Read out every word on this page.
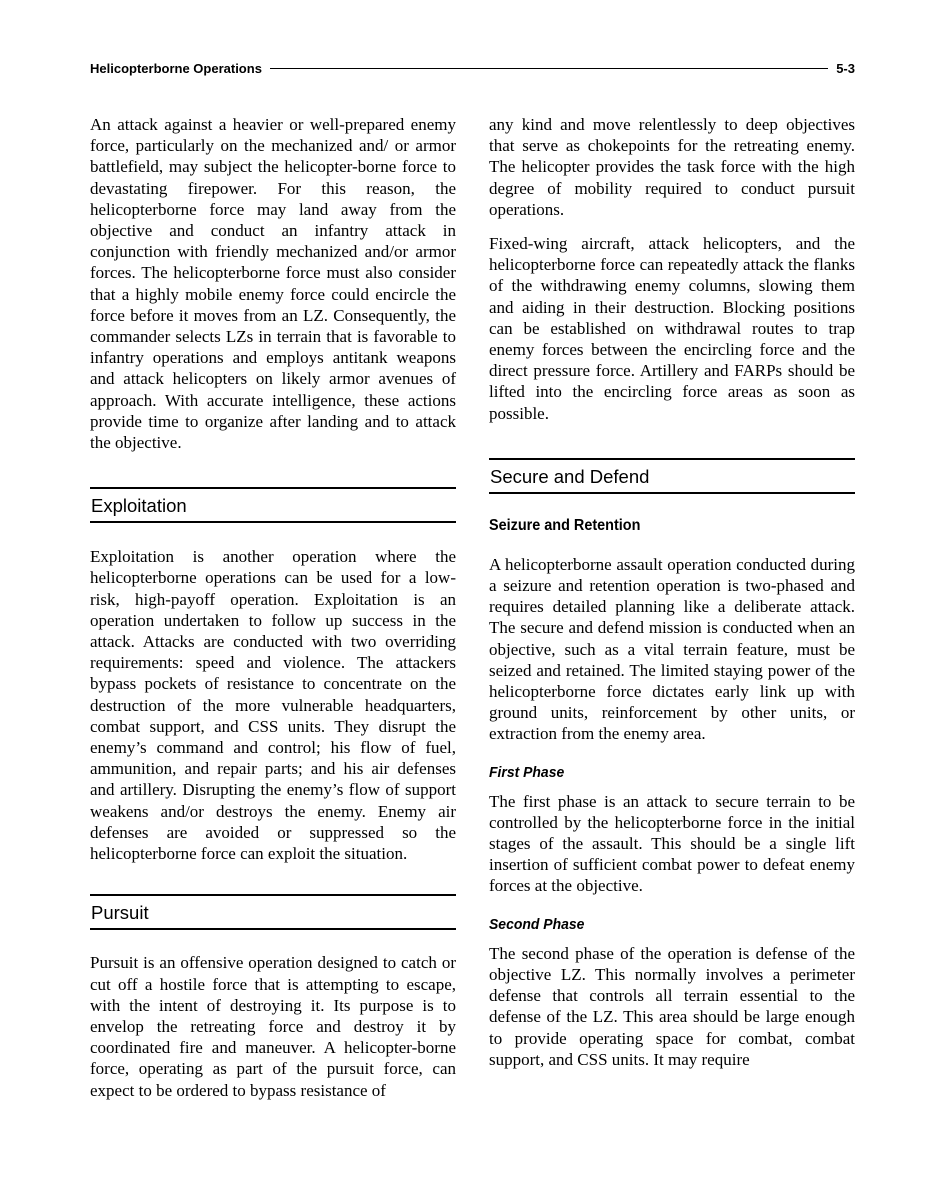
Helicopterborne Operations	5-3

An attack against a heavier or well-prepared enemy force, particularly on the mechanized and/ or armor battlefield, may subject the helicopter-borne force to devastating firepower. For this reason, the helicopterborne force may land away from the objective and conduct an infantry attack in conjunction with friendly mechanized and/or armor forces. The helicopterborne force must also consider that a highly mobile enemy force could encircle the force before it moves from an LZ. Consequently, the commander selects LZs in terrain that is favorable to infantry operations and employs antitank weapons and attack helicopters on likely armor avenues of approach. With accurate intelligence, these actions provide time to organize after landing and to attack the objective.

Exploitation

Exploitation is another operation where the helicopterborne operations can be used for a low-risk, high-payoff operation. Exploitation is an operation undertaken to follow up success in the attack. Attacks are conducted with two overriding requirements: speed and violence. The attackers bypass pockets of resistance to concentrate on the destruction of the more vulnerable headquarters, combat support, and CSS units. They disrupt the enemy’s command and control; his flow of fuel, ammunition, and repair parts; and his air defenses and artillery. Disrupting the enemy’s flow of support weakens and/or destroys the enemy. Enemy air defenses are avoided or suppressed so the helicopterborne force can exploit the situation.

Pursuit

Pursuit is an offensive operation designed to catch or cut off a hostile force that is attempting to escape, with the intent of destroying it. Its purpose is to envelop the retreating force and destroy it by coordinated fire and maneuver. A helicopter-borne force, operating as part of the pursuit force, can expect to be ordered to bypass resistance of

any kind and move relentlessly to deep objectives that serve as chokepoints for the retreating enemy. The helicopter provides the task force with the high degree of mobility required to conduct pursuit operations.

Fixed-wing aircraft, attack helicopters, and the helicopterborne force can repeatedly attack the flanks of the withdrawing enemy columns, slowing them and aiding in their destruction. Blocking positions can be established on withdrawal routes to trap enemy forces between the encircling force and the direct pressure force. Artillery and FARPs should be lifted into the encircling force areas as soon as possible.

Secure and Defend
Seizure and Retention

A helicopterborne assault operation conducted during a seizure and retention operation is two-phased and requires detailed planning like a deliberate attack. The secure and defend mission is conducted when an objective, such as a vital terrain feature, must be seized and retained. The limited staying power of the helicopterborne force dictates early link up with ground units, reinforcement by other units, or extraction from the enemy area.

First Phase

The first phase is an attack to secure terrain to be controlled by the helicopterborne force in the initial stages of the assault. This should be a single lift insertion of sufficient combat power to defeat enemy forces at the objective.

Second Phase

The second phase of the operation is defense of the objective LZ. This normally involves a perimeter defense that controls all terrain essential to the defense of the LZ. This area should be large enough to provide operating space for combat, combat support, and CSS units. It may require
